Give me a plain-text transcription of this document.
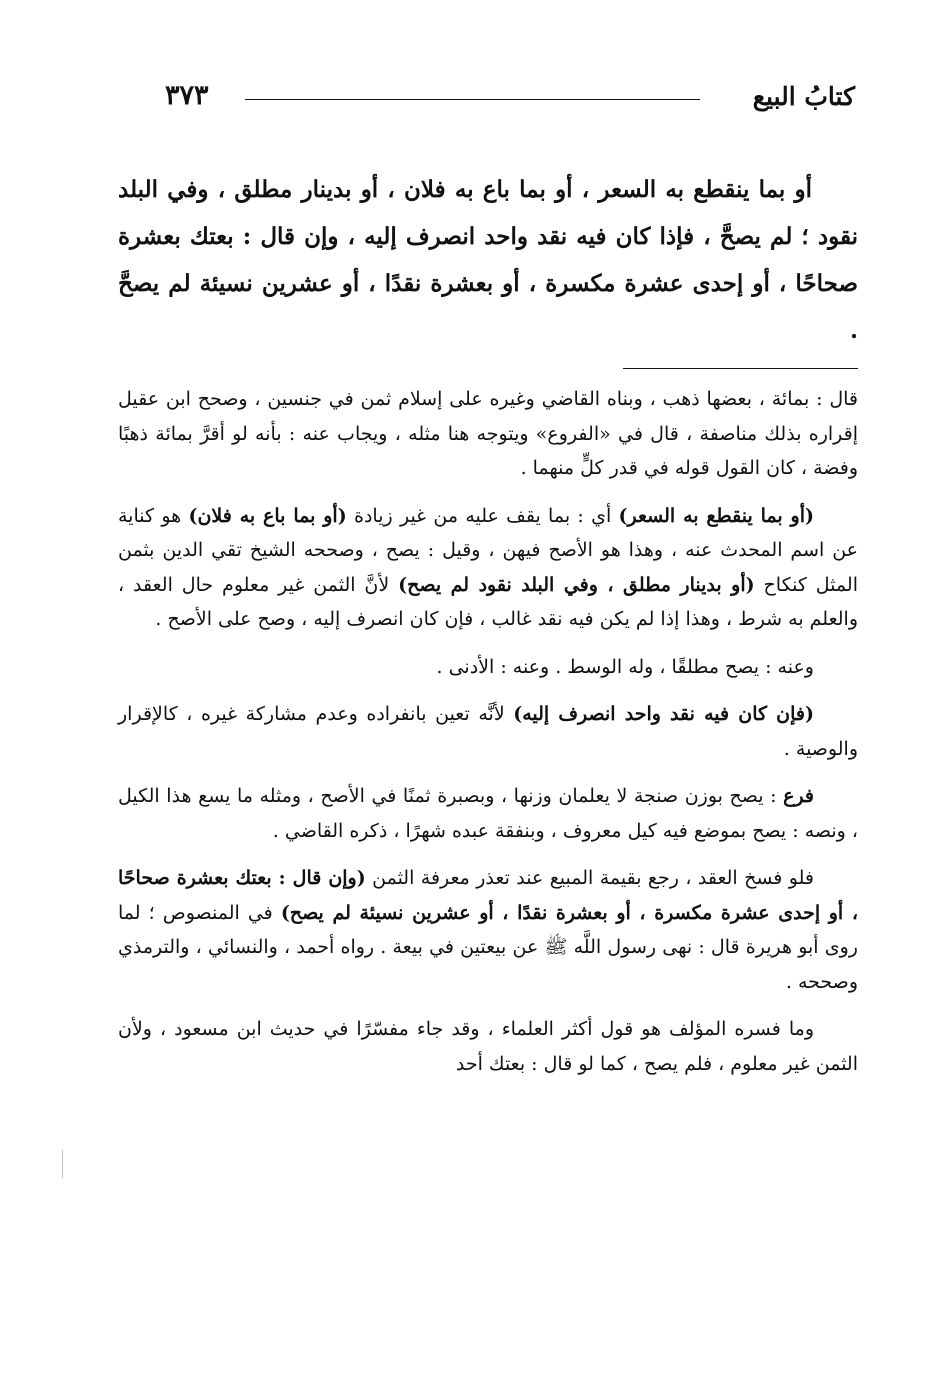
كتابُ البيع
٣٧٣
أو بما ينقطع به السعر ، أو بما باع به فلان ، أو بدينار مطلق ، وفي البلد نقود ؛ لم يصحَّ ، فإذا كان فيه نقد واحد انصرف إليه ، وإن قال : بعتك بعشرة صحاحًا ، أو إحدى عشرة مكسرة ، أو بعشرة نقدًا ، أو عشرين نسيئة لم يصحَّ .

قال : بمائة ، بعضها ذهب ، وبناه القاضي وغيره على إسلام ثمن في جنسين ، وصحح ابن عقيل إقراره بذلك مناصفة ، قال في «الفروع» ويتوجه هنا مثله ، ويجاب عنه : بأنه لو أقرَّ بمائة ذهبًا وفضة ، كان القول قوله في قدر كلٍّ منهما .

(أو بما ينقطع به السعر) أي : بما يقف عليه من غير زيادة (أو بما باع به فلان) هو كناية عن اسم المحدث عنه ، وهذا هو الأصح فيهن ، وقيل : يصح ، وصححه الشيخ تقي الدين بثمن المثل كنكاح (أو بدينار مطلق ، وفي البلد نقود لم يصح) لأنَّ الثمن غير معلوم حال العقد ، والعلم به شرط ، وهذا إذا لم يكن فيه نقد غالب ، فإن كان انصرف إليه ، وصح على الأصح .

وعنه : يصح مطلقًا ، وله الوسط . وعنه : الأدنى .

(فإن كان فيه نقد واحد انصرف إليه) لأنَّه تعين بانفراده وعدم مشاركة غيره ، كالإقرار والوصية .

فرع : يصح بوزن صنجة لا يعلمان وزنها ، وبصبرة ثمنًا في الأصح ، ومثله ما يسع هذا الكيل ، ونصه : يصح بموضع فيه كيل معروف ، وبنفقة عبده شهرًا ، ذكره القاضي .

فلو فسخ العقد ، رجع بقيمة المبيع عند تعذر معرفة الثمن (وإن قال : بعتك بعشرة صحاحًا ، أو إحدى عشرة مكسرة ، أو بعشرة نقدًا ، أو عشرين نسيئة لم يصح) في المنصوص ؛ لما روى أبو هريرة قال : نهى رسول اللَّه ﷺ عن بيعتين في بيعة . رواه أحمد ، والنسائي ، والترمذي وصححه .

وما فسره المؤلف هو قول أكثر العلماء ، وقد جاء مفسّرًا في حديث ابن مسعود ، ولأن الثمن غير معلوم ، فلم يصح ، كما لو قال : بعتك أحد
